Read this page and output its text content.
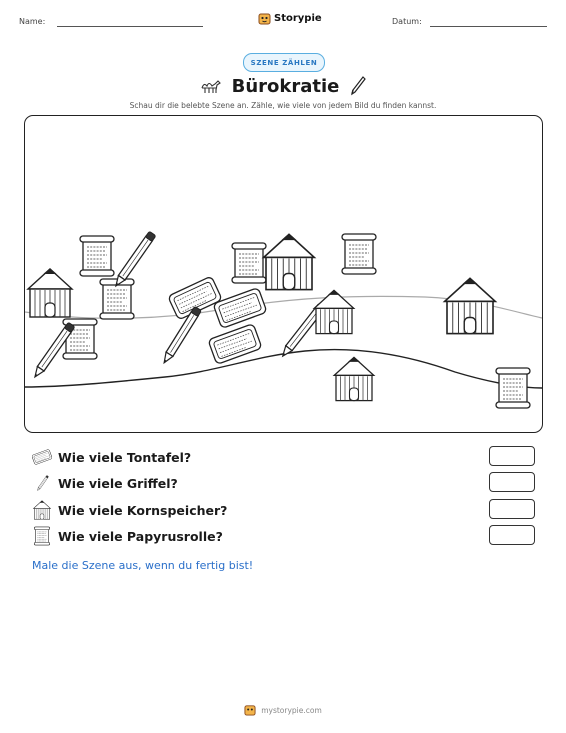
Name:	Storypie	Datum:
SZENE ZÄHLEN
Bürokratie
Schau dir die belebte Szene an. Zähle, wie viele von jedem Bild du finden kannst.
Wie viele Tontafel?
Wie viele Griffel?
Wie viele Kornspeicher?
Wie viele Papyrusrolle?
Male die Szene aus, wenn du fertig bist!
mystorypie.com
